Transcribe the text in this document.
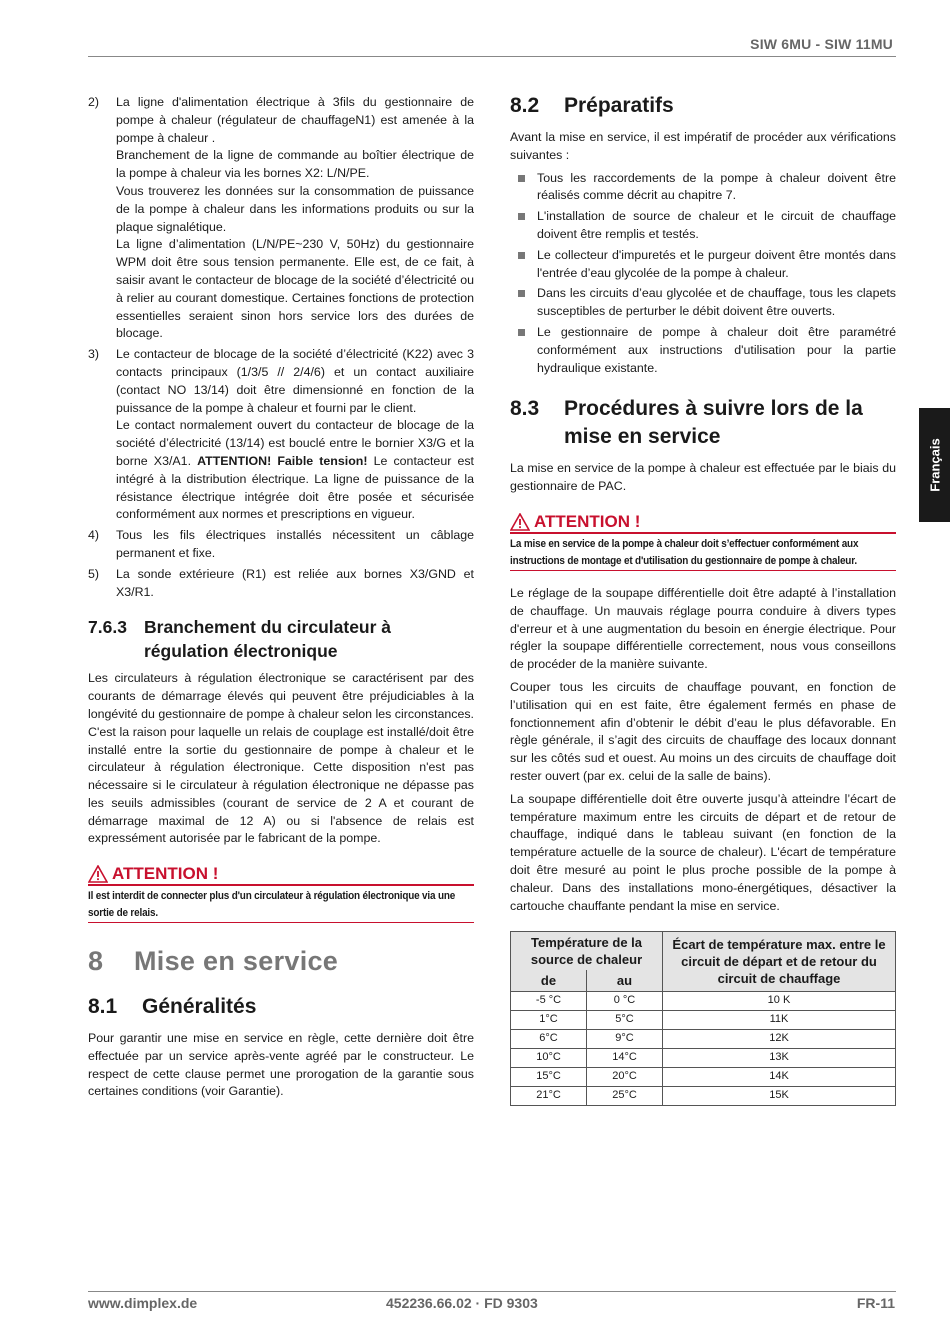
SIW 6MU - SIW 11MU
Français
2)	La ligne d'alimentation électrique à 3fils du gestionnaire de pompe à chaleur (régulateur de chauffageN1) est amenée à la pompe à chaleur .
Branchement de la ligne de commande au boîtier électrique de la pompe à chaleur via les bornes X2: L/N/PE.
Vous trouverez les données sur la consommation de puissance de la pompe à chaleur dans les informations produits ou sur la plaque signalétique.
La ligne d’alimentation (L/N/PE~230 V, 50Hz) du gestionnaire WPM doit être sous tension permanente. Elle est, de ce fait, à saisir avant le contacteur de blocage de la société d’électricité ou à relier au courant domestique. Certaines fonctions de protection essentielles seraient sinon hors service lors des durées de blocage.
3)	Le contacteur de blocage de la société d’électricité (K22) avec 3 contacts principaux (1/3/5 // 2/4/6) et un contact auxiliaire (contact NO 13/14) doit être dimensionné en fonction de la puissance de la pompe à chaleur et fourni par le client.
Le contact normalement ouvert du contacteur de blocage de la société d’électricité (13/14) est bouclé entre le bornier X3/G et la borne X3/A1. ATTENTION! Faible tension! Le contacteur est intégré à la distribution électrique. La ligne de puissance de la résistance électrique intégrée doit être posée et sécurisée conformément aux normes et prescriptions en vigueur.
4)	Tous les fils électriques installés nécessitent un câblage permanent et fixe.
5)	La sonde extérieure (R1) est reliée aux bornes X3/GND et X3/R1.
7.6.3 Branchement du circulateur à régulation électronique

Les circulateurs à régulation électronique se caractérisent par des courants de démarrage élevés qui peuvent être préjudiciables à la longévité du gestionnaire de pompe à chaleur selon les circonstances. C'est la raison pour laquelle un relais de couplage est installé/doit être installé entre la sortie du gestionnaire de pompe à chaleur et le circulateur à régulation électronique. Cette disposition n'est pas nécessaire si le circulateur à régulation électronique ne dépasse pas les seuils admissibles (courant de service de 2 A et courant de démarrage maximal de 12 A) ou si l'absence de relais est expressément autorisée par le fabricant de la pompe.

ATTENTION !
Il est interdit de connecter plus d'un circulateur à régulation électronique via une sortie de relais.
8	Mise en service
8.1	Généralités

Pour garantir une mise en service en règle, cette dernière doit être effectuée par un service après-vente agréé par le constructeur. Le respect de cette clause permet une prorogation de la garantie sous certaines conditions (voir Garantie).

8.2	Préparatifs

Avant la mise en service, il est impératif de procéder aux vérifications suivantes :

Tous les raccordements de la pompe à chaleur doivent être réalisés comme décrit au chapitre 7.
L'installation de source de chaleur et le circuit de chauffage doivent être remplis et testés.
Le collecteur d'impuretés et le purgeur doivent être montés dans l'entrée d’eau glycolée de la pompe à chaleur.
Dans les circuits d’eau glycolée et de chauffage, tous les clapets susceptibles de perturber le débit doivent être ouverts.
Le gestionnaire de pompe à chaleur doit être paramétré conformément aux instructions d'utilisation pour la partie hydraulique existante.
8.3	Procédures à suivre lors de la mise en service

La mise en service de la pompe à chaleur est effectuée par le biais du gestionnaire de PAC.

ATTENTION !
La mise en service de la pompe à chaleur doit s’effectuer conformément aux instructions de montage et d'utilisation du gestionnaire de pompe à chaleur.

Le réglage de la soupape différentielle doit être adapté à l’installation de chauffage. Un mauvais réglage pourra conduire à divers types d'erreur et à une augmentation du besoin en énergie électrique. Pour régler la soupape différentielle correctement, nous vous conseillons de procéder de la manière suivante.

Couper tous les circuits de chauffage pouvant, en fonction de l’utilisation qui en est faite, être également fermés en phase de fonctionnement afin d’obtenir le débit d’eau le plus défavorable. En règle générale, il s’agit des circuits de chauffage des locaux donnant sur les côtés sud et ouest. Au moins un des circuits de chauffage doit rester ouvert (par ex. celui de la salle de bains).

La soupape différentielle doit être ouverte jusqu’à atteindre l’écart de température maximum entre les circuits de départ et de retour de chauffage, indiqué dans le tableau suivant (en fonction de la température actuelle de la source de chaleur). L'écart de température doit être mesuré au point le plus proche possible de la pompe à chaleur. Dans des installations mono-énergétiques, désactiver la cartouche chauffante pendant la mise en service.

Température de la source de chaleur		Écart de température max. entre le circuit de départ et de retour du circuit de chauffage
de	au	
-5 °C	0 °C	10 K
1°C	5°C	11K
6°C	9°C	12K
10°C	14°C	13K
15°C	20°C	14K
21°C	25°C	15K
www.dimplex.de	452236.66.02 · FD 9303	FR-11
